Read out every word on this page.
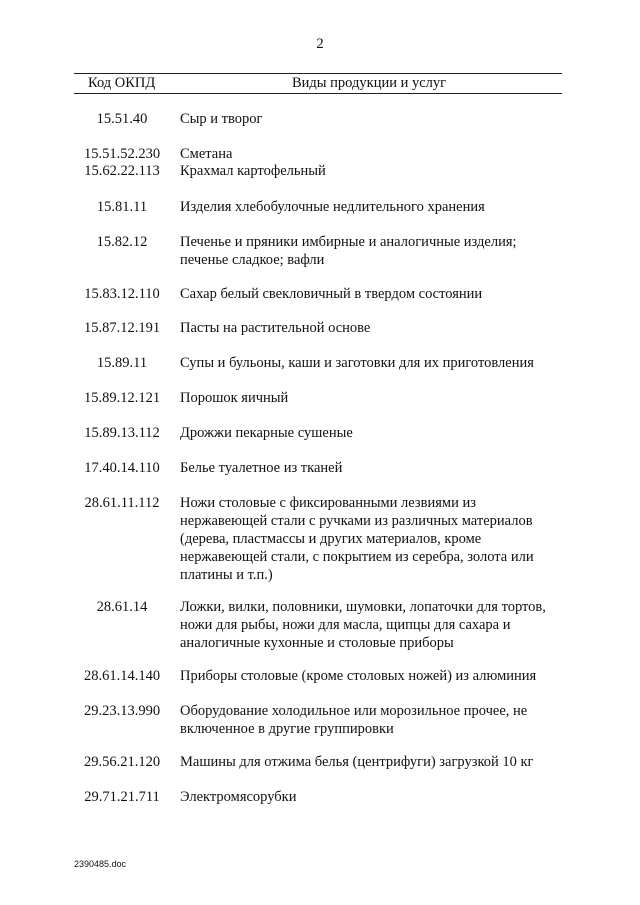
2
Код ОКПД	Виды продукции и услуг
15.51.40	Сыр и творог
15.51.52.230	Сметана
15.62.22.113	Крахмал картофельный
15.81.11	Изделия хлебобулочные недлительного хранения
15.82.12	Печенье и пряники имбирные и аналогичные изделия;
печенье сладкое; вафли
15.83.12.110	Сахар белый свекловичный в твердом состоянии
15.87.12.191	Пасты на растительной основе
15.89.11	Супы и бульоны, каши и заготовки для их приготовления
15.89.12.121	Порошок яичный
15.89.13.112	Дрожжи пекарные сушеные
17.40.14.110	Белье туалетное из тканей
28.61.11.112	Ножи столовые с фиксированными лезвиями из
нержавеющей стали с ручками из различных материалов
(дерева, пластмассы и других материалов, кроме
нержавеющей стали, с покрытием из серебра, золота или
платины и т.п.)
28.61.14	Ложки, вилки, половники, шумовки, лопаточки для тортов,
ножи для рыбы, ножи для масла, щипцы для сахара и
аналогичные кухонные и столовые приборы
28.61.14.140	Приборы столовые (кроме столовых ножей) из алюминия
29.23.13.990	Оборудование холодильное или морозильное прочее, не
включенное в другие группировки
29.56.21.120	Машины для отжима белья (центрифуги) загрузкой 10 кг
29.71.21.711	Электромясорубки
2390485.doc
